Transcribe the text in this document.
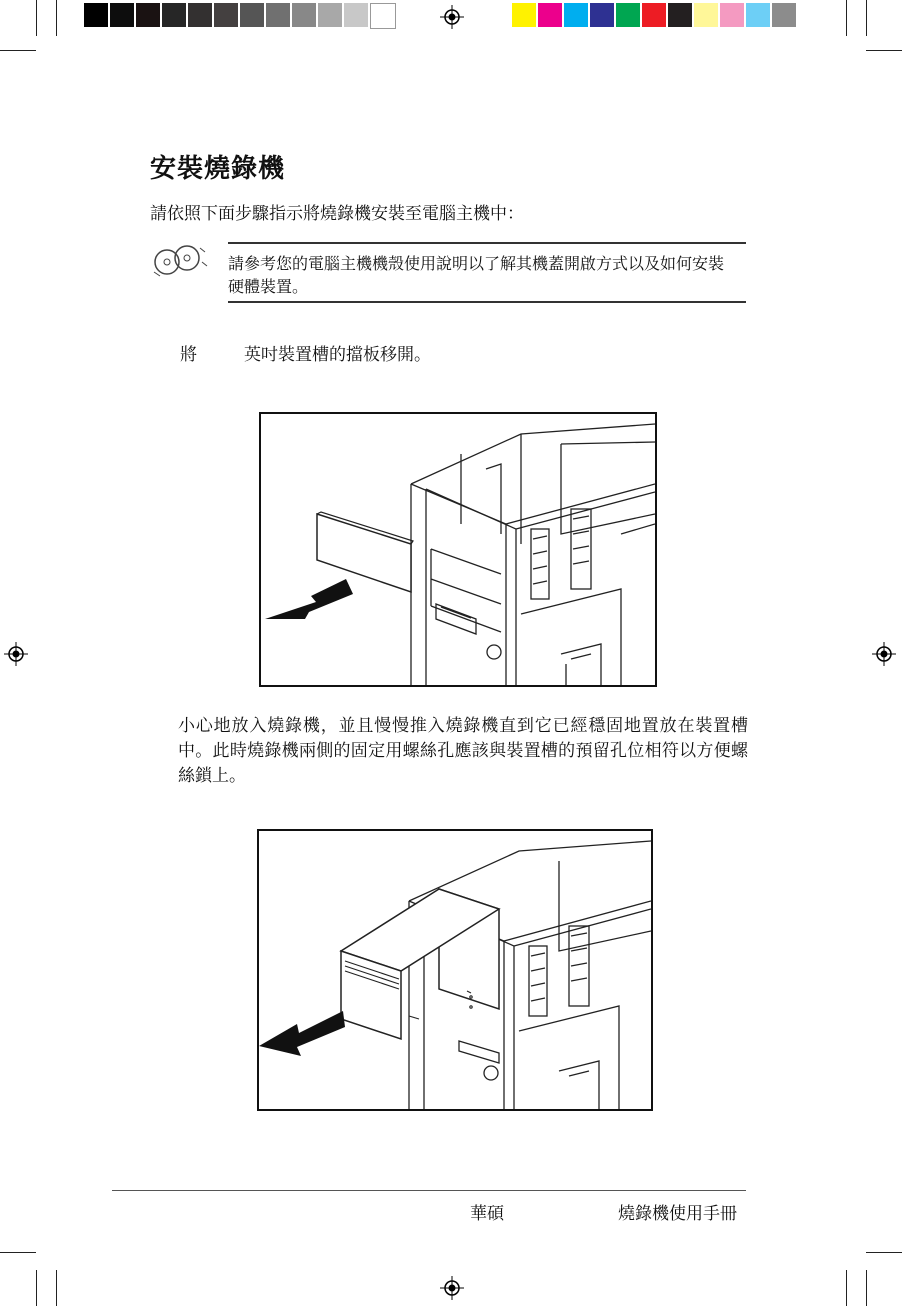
安裝燒錄機
請依照下面步驟指示將燒錄機安裝至電腦主機中：
請參考您的電腦主機機殼使用說明以了解其機蓋開啟方式以及如何安裝硬體裝置。
將	英吋裝置槽的擋板移開。
小心地放入燒錄機，並且慢慢推入燒錄機直到它已經穩固地置放在裝置槽中。此時燒錄機兩側的固定用螺絲孔應該與裝置槽的預留孔位相符以方便螺絲鎖上。
華碩	燒錄機使用手冊
